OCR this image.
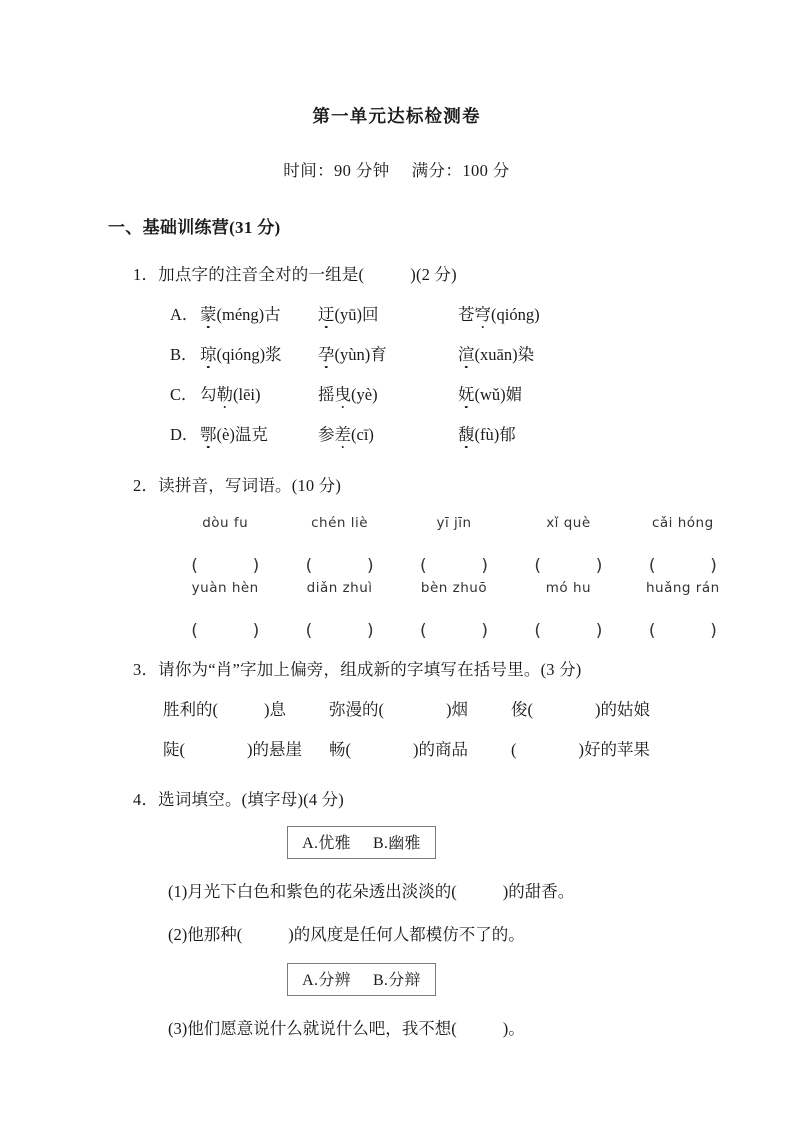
第一单元达标检测卷

时间：90 分钟 满分：100 分

一、基础训练营(31 分)

1．加点字的注音全对的一组是(	)(2 分)

A．蒙(méng)古 迂(yū)回	苍穹(qióng)

B． 琼(qióng)浆 孕(yùn)育	渲(xuān)染

C． 勾勒(lēi)	摇曳(yè)	妩(wǔ)媚

D．鄂(è)温克	参差(cī)	馥(fù)郁

2．读拼音，写词语。(10 分)

dòu fu	chén liè	yī jīn	xǐ què	cǎi hóng
(	)	(	)	(	)	(	)	(	)
yuàn hèn	diǎn zhuì	bèn zhuō	mó hu	huǎng rán
(	)	(	)	(	)	(	)	(	)

3．请你为“肖”字加上偏旁，组成新的字填写在括号里。(3 分)

胜利的(	)息	弥漫的(	)烟	俊(	)的姑娘

陡(	)的悬崖 畅(	)的商品	(	)好的苹果

4．选词填空。(填字母)(4 分)

A.优雅 B.幽雅

(1)月光下白色和紫色的花朵透出淡淡的(	)的甜香。

(2)他那种(	)的风度是任何人都模仿不了的。

A.分辨 B.分辩

(3)他们愿意说什么就说什么吧，我不想(	)。
